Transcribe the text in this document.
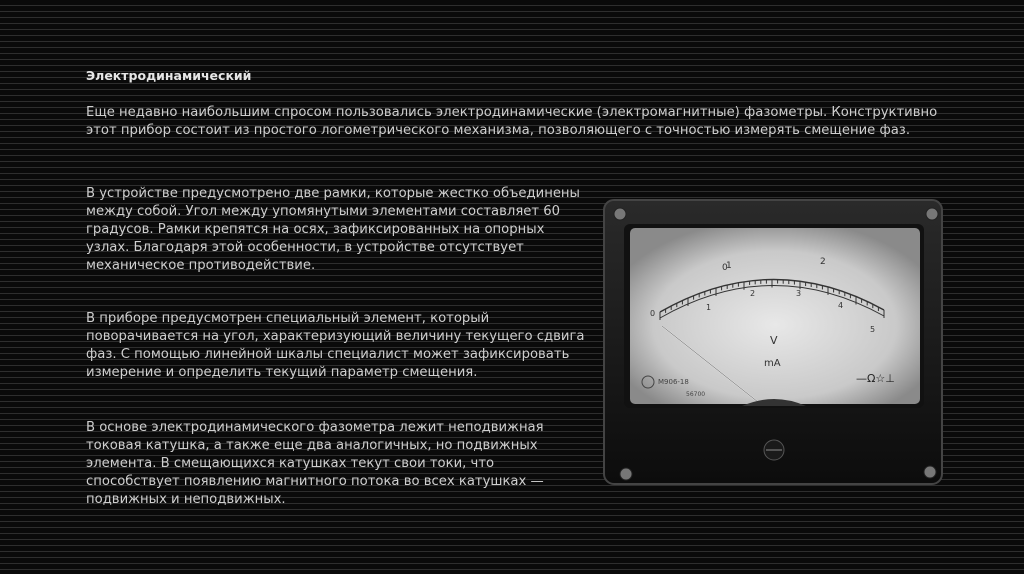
Электродинамический
Еще недавно наибольшим спросом пользовались электродинамические (электромагнитные) фазометры. Конструктивно этот прибор состоит из простого логометрического механизма, позволяющего с точностью измерять смещение фаз.
В устройстве предусмотрено две рамки, которые жестко объединены между собой. Угол между упомянутыми элементами составляет 60 градусов. Рамки крепятся на осях, зафиксированных на опорных узлах. Благодаря этой особенности, в устройстве отсутствует механическое противодействие.
В приборе предусмотрен специальный элемент, который поворачивается на угол, характеризующий величину текущего сдвига фаз. С помощью линейной шкалы специалист может зафиксировать измерение и определить текущий параметр смещения.
В основе электродинамического фазометра лежит неподвижная токовая катушка, а также еще два аналогичных, но подвижных элемента. В смещающихся катушках текут свои токи, что способствует появлению магнитного потока во всех катушках — подвижных и неподвижных.
0
1	2
0
1
2	3
4
5
V
mA
M906-18
56700
—Ω☆⊥
